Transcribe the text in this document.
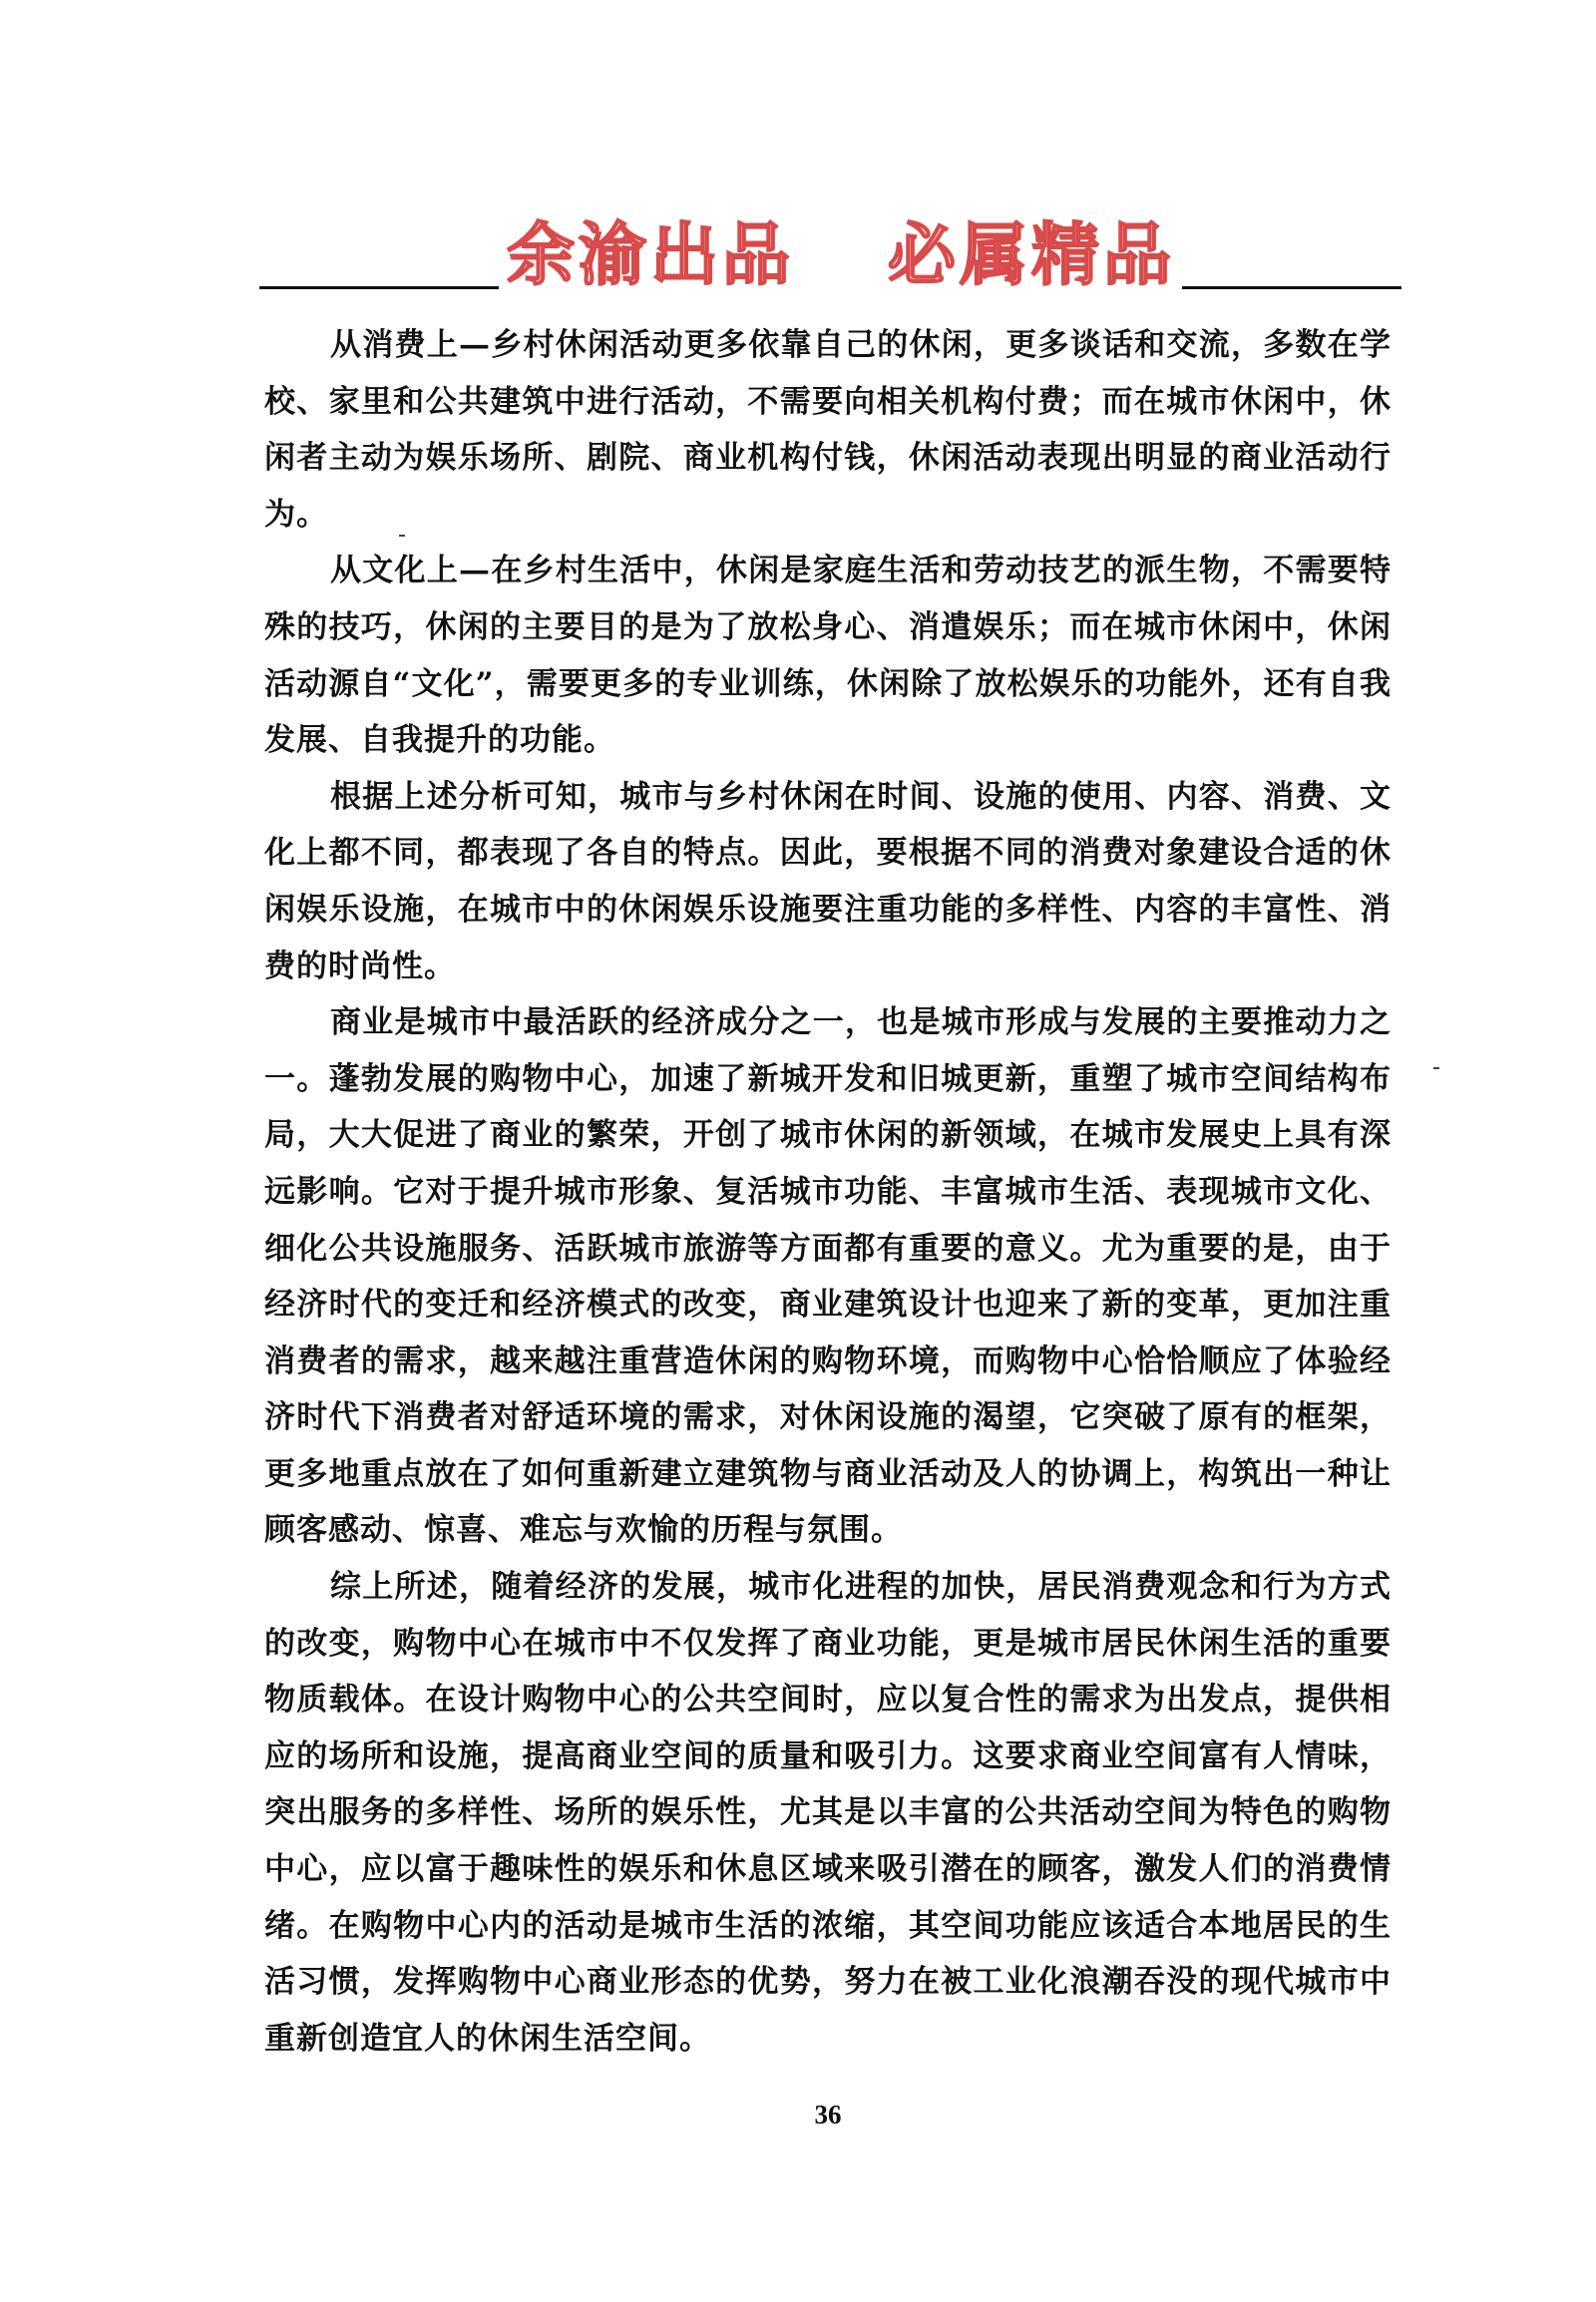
余渝出品 必属精品

从消费上—乡村休闲活动更多依靠自己的休闲，更多谈话和交流，多数在学校、家里和公共建筑中进行活动，不需要向相关机构付费；而在城市休闲中，休闲者主动为娱乐场所、剧院、商业机构付钱，休闲活动表现出明显的商业活动行为。

从文化上—在乡村生活中，休闲是家庭生活和劳动技艺的派生物，不需要特殊的技巧，休闲的主要目的是为了放松身心、消遣娱乐；而在城市休闲中，休闲活动源自“文化”，需要更多的专业训练，休闲除了放松娱乐的功能外，还有自我发展、自我提升的功能。

根据上述分析可知，城市与乡村休闲在时间、设施的使用、内容、消费、文化上都不同，都表现了各自的特点。因此，要根据不同的消费对象建设合适的休闲娱乐设施，在城市中的休闲娱乐设施要注重功能的多样性、内容的丰富性、消费的时尚性。

商业是城市中最活跃的经济成分之一，也是城市形成与发展的主要推动力之一。蓬勃发展的购物中心，加速了新城开发和旧城更新，重塑了城市空间结构布局，大大促进了商业的繁荣，开创了城市休闲的新领域，在城市发展史上具有深远影响。它对于提升城市形象、复活城市功能、丰富城市生活、表现城市文化、细化公共设施服务、活跃城市旅游等方面都有重要的意义。尤为重要的是，由于经济时代的变迁和经济模式的改变，商业建筑设计也迎来了新的变革，更加注重消费者的需求，越来越注重营造休闲的购物环境，而购物中心恰恰顺应了体验经济时代下消费者对舒适环境的需求，对休闲设施的渴望，它突破了原有的框架，更多地重点放在了如何重新建立建筑物与商业活动及人的协调上，构筑出一种让顾客感动、惊喜、难忘与欢愉的历程与氛围。

综上所述，随着经济的发展，城市化进程的加快，居民消费观念和行为方式的改变，购物中心在城市中不仅发挥了商业功能，更是城市居民休闲生活的重要物质载体。在设计购物中心的公共空间时，应以复合性的需求为出发点，提供相应的场所和设施，提高商业空间的质量和吸引力。这要求商业空间富有人情味，突出服务的多样性、场所的娱乐性，尤其是以丰富的公共活动空间为特色的购物中心，应以富于趣味性的娱乐和休息区域来吸引潜在的顾客，激发人们的消费情绪。在购物中心内的活动是城市生活的浓缩，其空间功能应该适合本地居民的生活习惯，发挥购物中心商业形态的优势，努力在被工业化浪潮吞没的现代城市中重新创造宜人的休闲生活空间。

36
